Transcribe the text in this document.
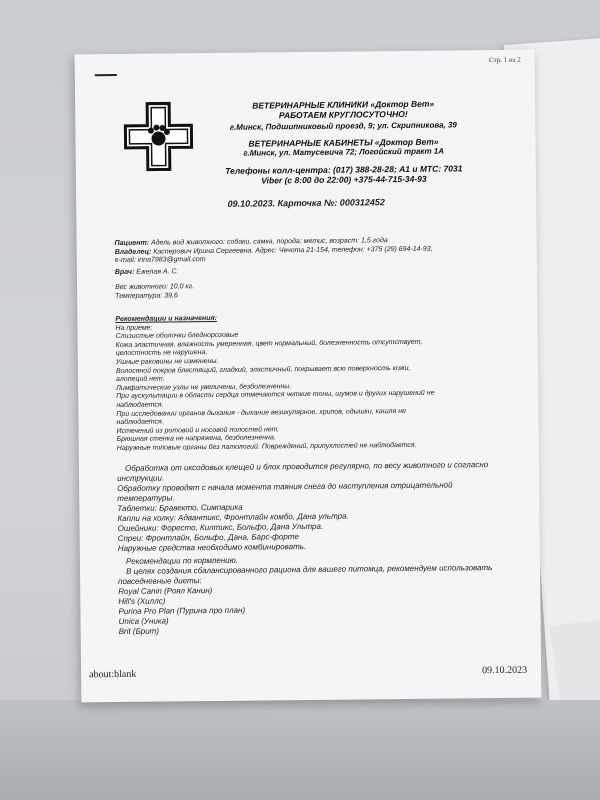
Стр. 1 из 2
ВЕТЕРИНАРНЫЕ КЛИНИКИ «Доктор Вет»
РАБОТАЕМ КРУГЛОСУТОЧНО!
г.Минск, Подшипниковый проезд, 9; ул. Скрипникова, 39
ВЕТЕРИНАРНЫЕ КАБИНЕТЫ «Доктор Вет»
г.Минск, ул. Матусевича 72; Логойский тракт 1А
Телефоны колл-центра: (017) 388-28-28; А1 и МТС: 7031
Viber (с 8:00 до 22:00) +375-44-715-34-93
09.10.2023. Карточка №: 000312452
Пациент: Адель вид животного: собаки, самка, порода: метис, возраст: 1,5 года
Владелец: Касперович Ирина Сергеевна. Адрес: Чечота 21-154, телефон: +375 (29) 694-14-93,
e-mail: irina7983@gmail.com
Врач: Ежелая А. С.
Вес животного: 10,0 кг.
Температура: 39,6
Рекомендации и назначения:
На приеме:
Слизистые оболочки бледнорозовые
Кожа эластичная, влажность умеренная, цвет нормальный, болезненность отсутствует,
целостность не нарушена.
Ушные раковины не изменены.
Волосяной покров блестящий, гладкий, эластичный, покрывает всю поверхность кожи,
алопеций нет.
Лимфатические узлы не увеличены, безболезненны.
При аускультации в области сердца отмечаются четкие тоны, шумов и других нарушений не
наблюдается.
При исследовании органов дыхания - дыхание везикулярное, хрипов, одышки, кашля не
наблюдается.
Истечений из ротовой и носовой полостей нет.
Брюшная стенка не напряжена, безболезненна.
Наружные половые органы без патологий. Повреждений, припухлостей не наблюдается.
Обработка от иксодовых клещей и блох проводится регулярно, по весу животного и согласно
инструкции.
Обработку проводят с начала момента таяния снега до наступления отрицательной
температуры.
Таблетки: Бравекто, Симпарика
Капли на холку: Адвантикс, Фронтлайн комбо, Дана ультра.
Ошейники: Форесто, Килтикс, Больфо, Дана Ультра.
Спреи: Фронтлайн, Больфо, Дана, Барс-форте
Наружные средства необходимо комбинировать.
Рекомендации по кормлению.
В целях создания сбалансированного рациона для вашего питомца, рекомендуем использовать
повседневные диеты:
Royal Canin (Роял Канин)
Hill's (Хиллс)
Purina Pro Plan (Пурина про план)
Unica (Уника)
Brit (Брит)
about:blank	09.10.2023
